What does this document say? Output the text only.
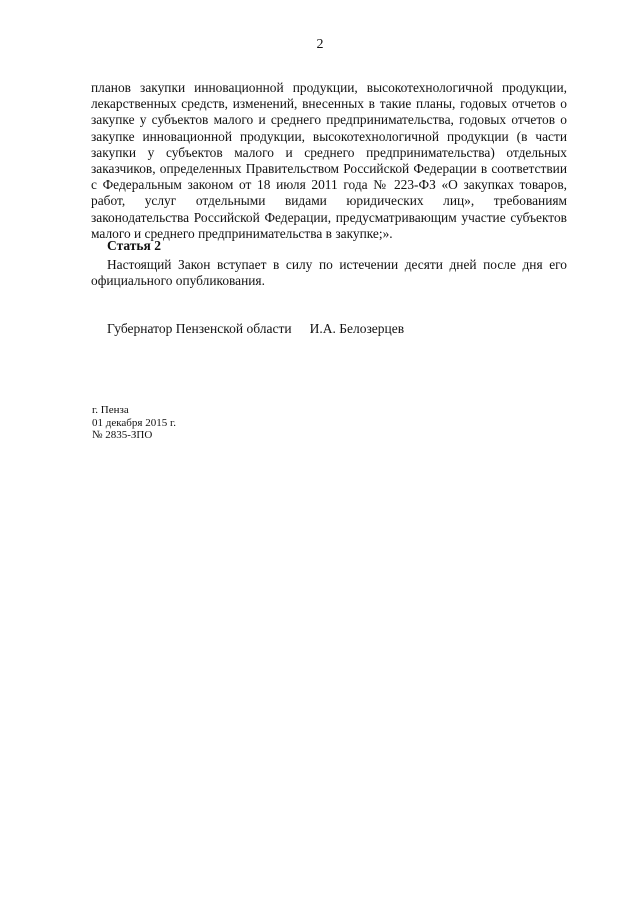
2

планов закупки инновационной продукции, высокотехнологичной продукции, лекарственных средств, изменений, внесенных в такие планы, годовых отчетов о закупке у субъектов малого и среднего предпринимательства, годовых отчетов о закупке инновационной продукции, высокотехнологичной продукции (в части закупки у субъектов малого и среднего предпринимательства) отдельных заказчиков, определенных Правительством Российской Федерации в соответствии с Федеральным законом от 18 июля 2011 года № 223-ФЗ «О закупках товаров, работ, услуг отдельными видами юридических лиц», требованиям законодательства Российской Федерации, предусматривающим участие субъектов малого и среднего предпринимательства в закупке;».

Статья 2

Настоящий Закон вступает в силу по истечении десяти дней после дня его официального опубликования.

Губернатор Пензенской области И.А. Белозерцев
г. Пенза
01 декабря 2015 г.
№ 2835-ЗПО
